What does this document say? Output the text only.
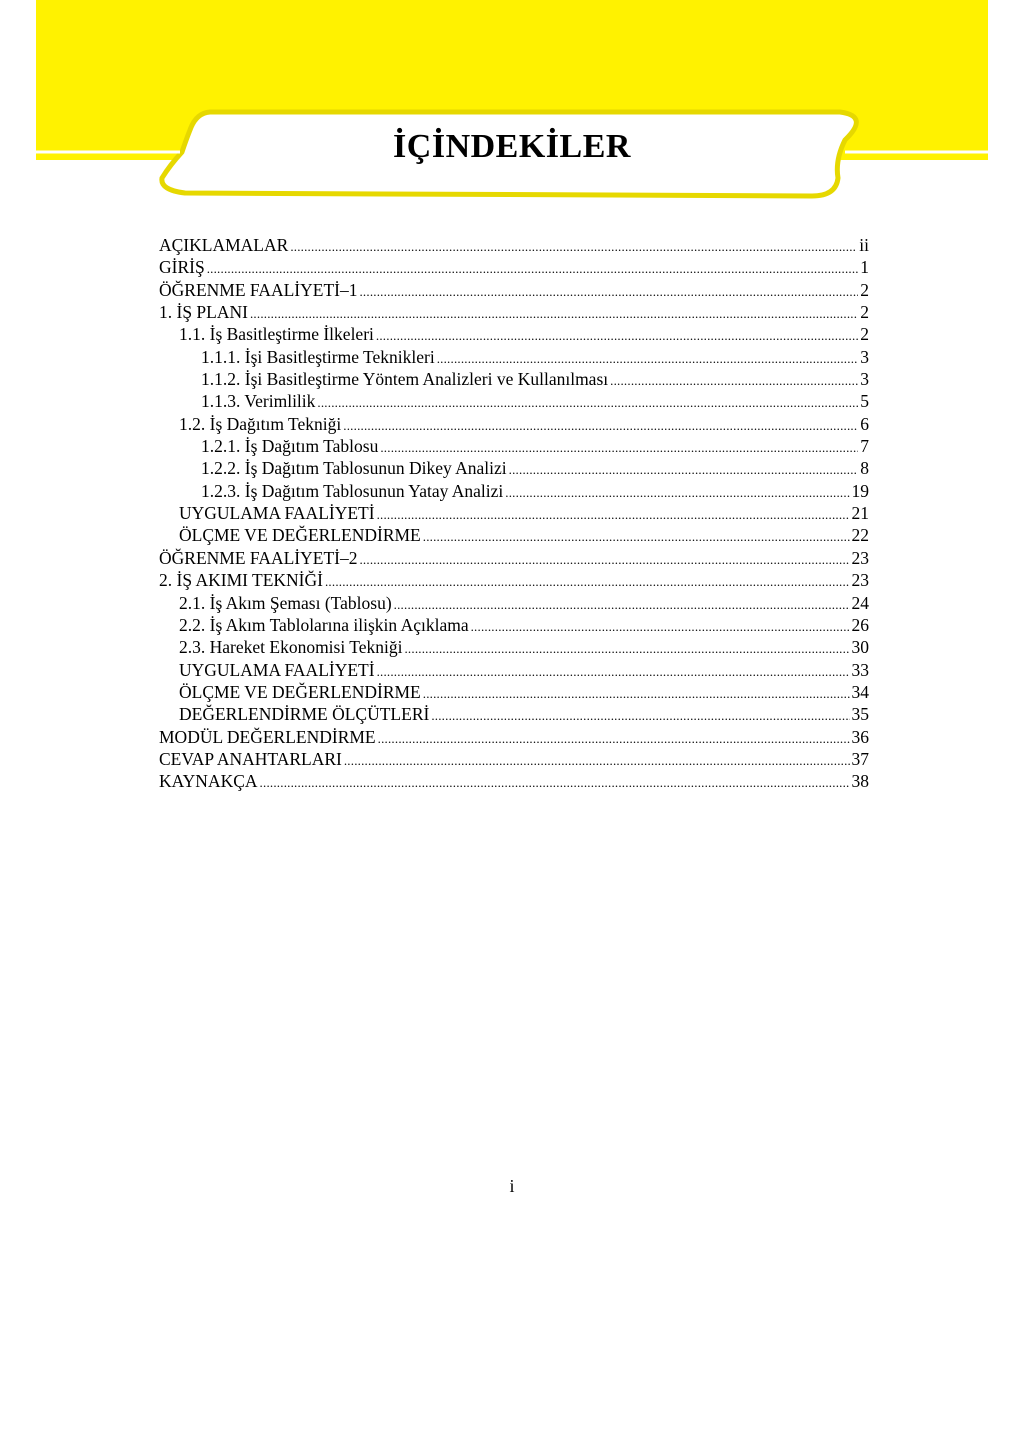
İÇİNDEKİLER
AÇIKLAMALAR .....	ii
GİRİŞ .....	1
ÖĞRENME FAALİYETİ–1 .....	2
1. İŞ PLANI .....	2
1.1. İş Basitleştirme İlkeleri .....	2
1.1.1. İşi Basitleştirme Teknikleri .....	3
1.1.2. İşi Basitleştirme Yöntem Analizleri ve Kullanılması .....	3
1.1.3. Verimlilik .....	5
1.2. İş Dağıtım Tekniği .....	6
1.2.1. İş Dağıtım Tablosu .....	7
1.2.2. İş Dağıtım Tablosunun Dikey Analizi .....	8
1.2.3. İş Dağıtım Tablosunun Yatay Analizi .....	19
UYGULAMA FAALİYETİ .....	21
ÖLÇME VE DEĞERLENDİRME .....	22
ÖĞRENME FAALİYETİ–2 .....	23
2. İŞ AKIMI TEKNİĞİ .....	23
2.1. İş Akım Şeması (Tablosu) .....	24
2.2. İş Akım Tablolarına ilişkin Açıklama .....	26
2.3. Hareket Ekonomisi Tekniği .....	30
UYGULAMA FAALİYETİ .....	33
ÖLÇME VE DEĞERLENDİRME .....	34
DEĞERLENDİRME ÖLÇÜTLERİ .....	35
MODÜL DEĞERLENDİRME .....	36
CEVAP ANAHTARLARI .....	37
KAYNAKÇA .....	38
i
